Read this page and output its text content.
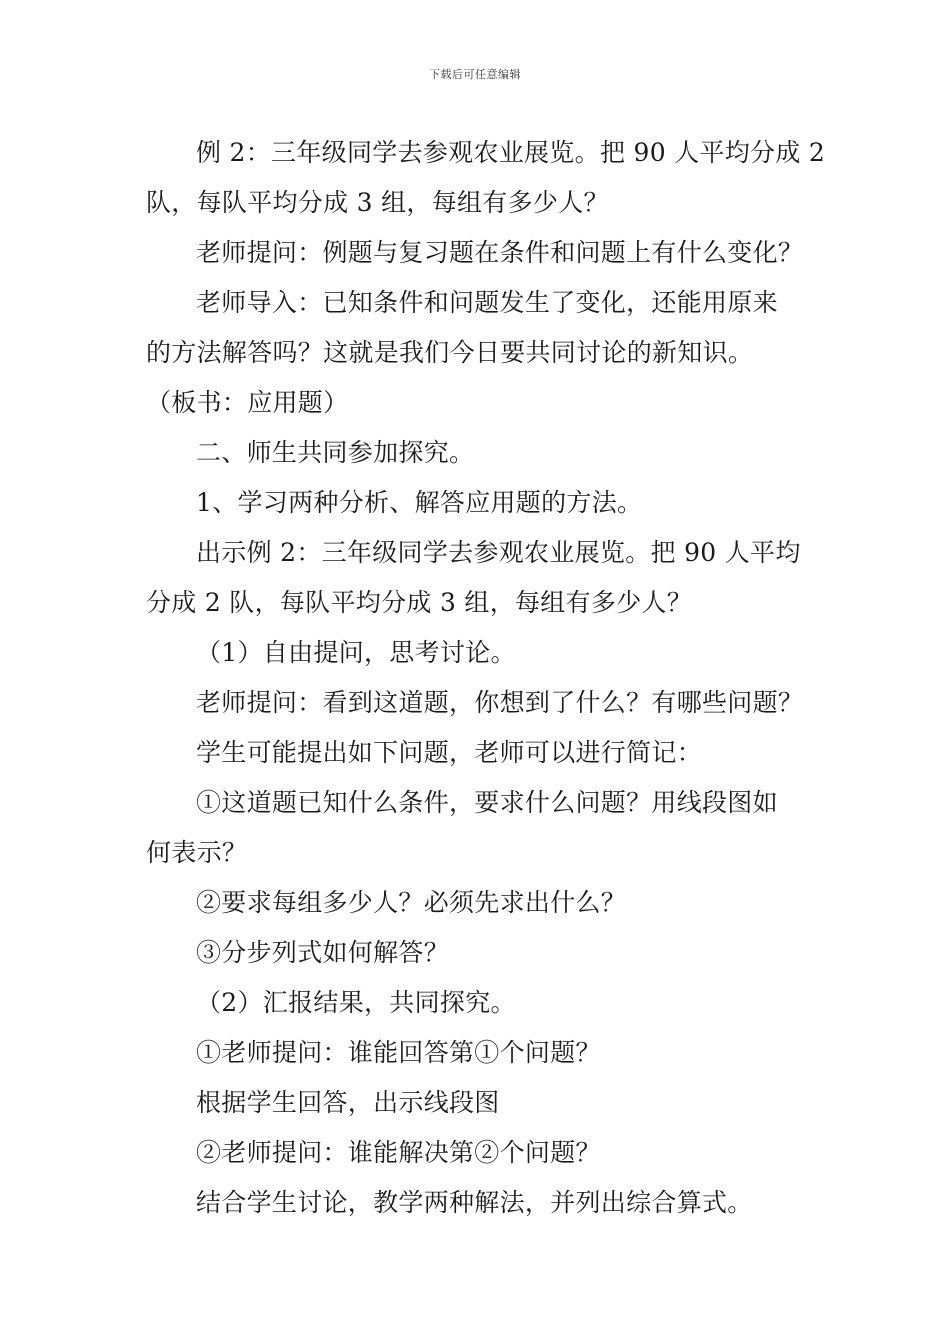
下载后可任意编辑
例 2：三年级同学去参观农业展览。把 90 人平均分成 2
队，每队平均分成 3 组，每组有多少人？
老师提问：例题与复习题在条件和问题上有什么变化？
老师导入：已知条件和问题发生了变化，还能用原来
的方法解答吗？这就是我们今日要共同讨论的新知识。
（板书：应用题）
二、师生共同参加探究。
1、学习两种分析、解答应用题的方法。
出示例 2：三年级同学去参观农业展览。把 90 人平均
分成 2 队，每队平均分成 3 组，每组有多少人？
（1）自由提问，思考讨论。
老师提问：看到这道题，你想到了什么？有哪些问题？
学生可能提出如下问题，老师可以进行简记：
①这道题已知什么条件，要求什么问题？用线段图如
何表示？
②要求每组多少人？必须先求出什么？
③分步列式如何解答？
（2）汇报结果，共同探究。
①老师提问：谁能回答第①个问题？
根据学生回答，出示线段图
②老师提问：谁能解决第②个问题？
结合学生讨论，教学两种解法，并列出综合算式。
